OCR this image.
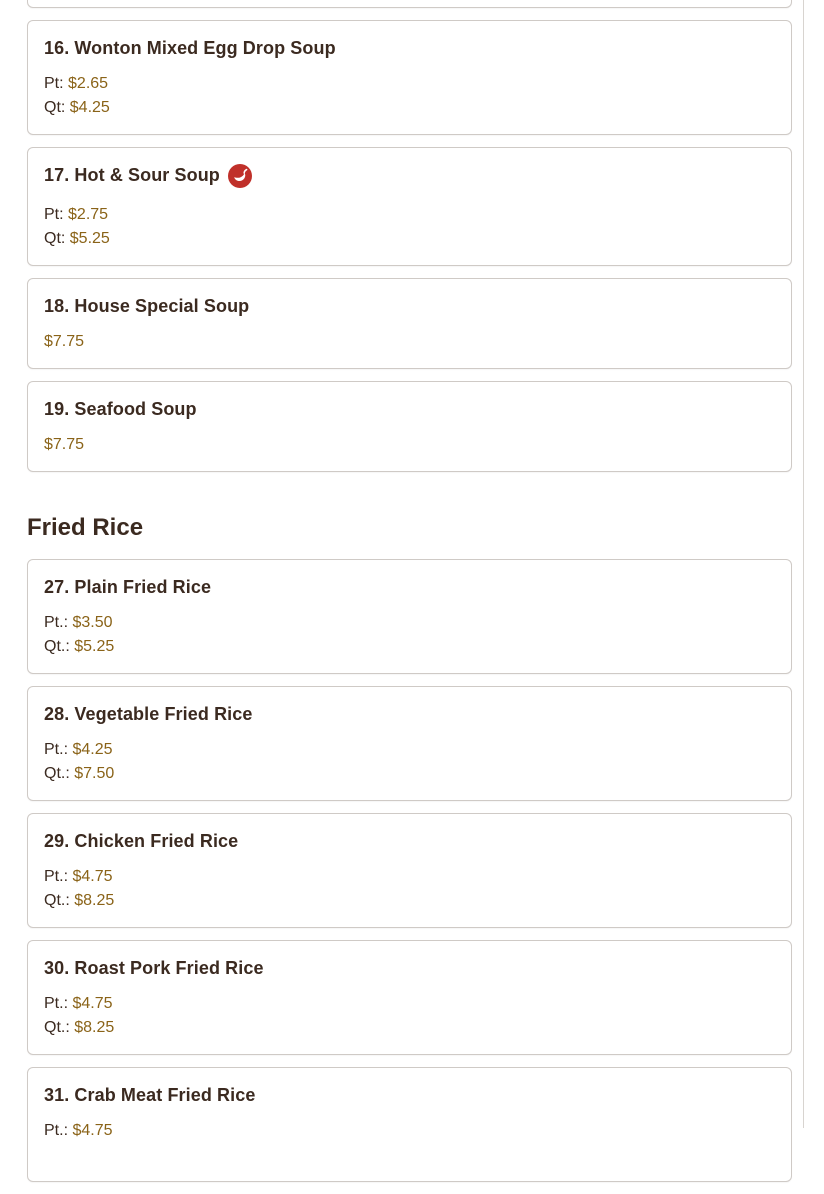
16. Wonton Mixed Egg Drop Soup
Pt: $2.65
Qt: $4.25
17. Hot & Sour Soup
Pt: $2.75
Qt: $5.25
18. House Special Soup
$7.75
19. Seafood Soup
$7.75
Fried Rice
27. Plain Fried Rice
Pt.: $3.50
Qt.: $5.25
28. Vegetable Fried Rice
Pt.: $4.25
Qt.: $7.50
29. Chicken Fried Rice
Pt.: $4.75
Qt.: $8.25
30. Roast Pork Fried Rice
Pt.: $4.75
Qt.: $8.25
31. Crab Meat Fried Rice
Pt.: $4.75
